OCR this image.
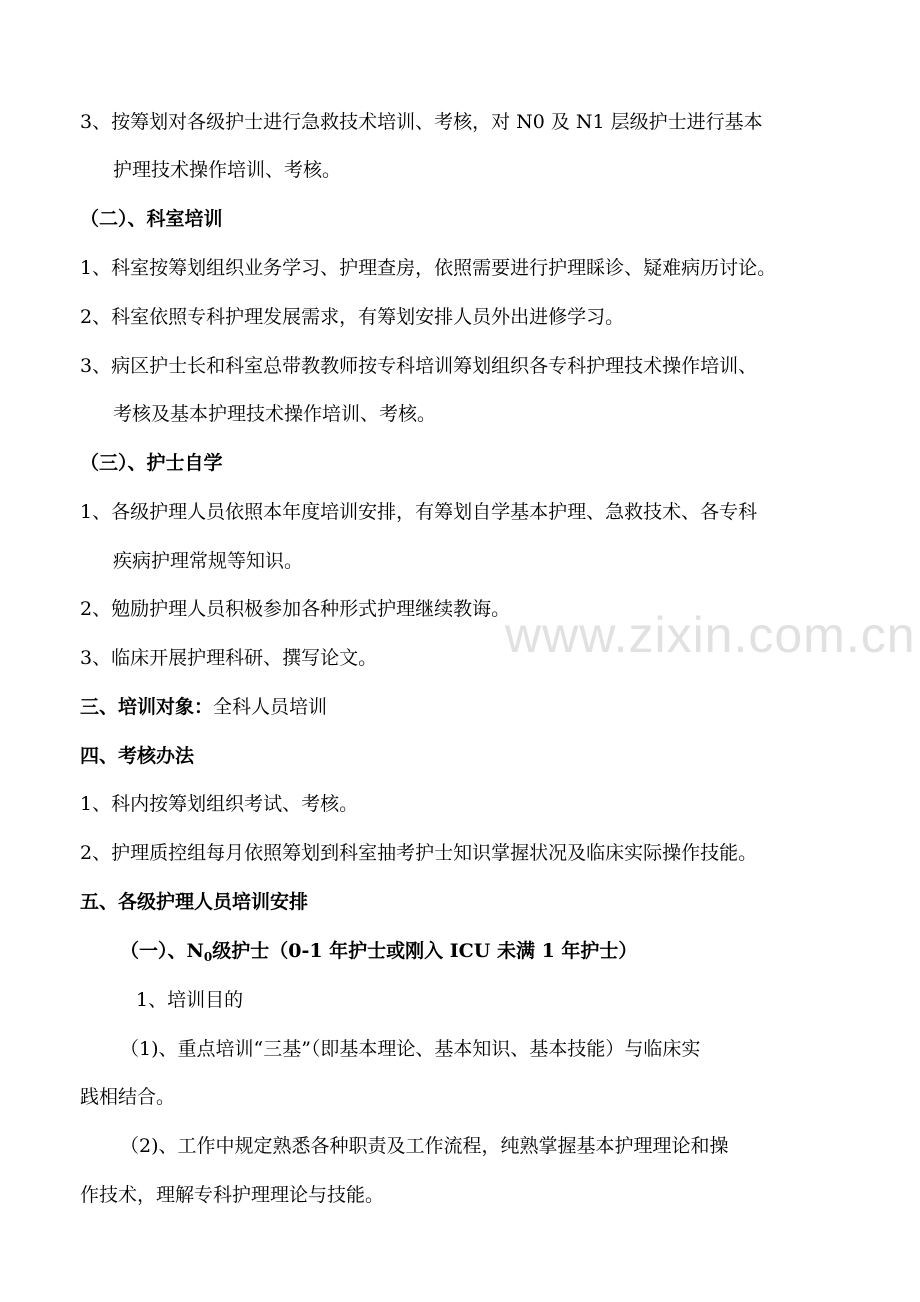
www.zixin.com.cn
3、按筹划对各级护士进行急救技术培训、考核，对 N0 及 N1 层级护士进行基本
护理技术操作培训、考核。
（二）、科室培训
1、科室按筹划组织业务学习、护理查房，依照需要进行护理睬诊、疑难病历讨论。
2、科室依照专科护理发展需求，有筹划安排人员外出进修学习。
3、病区护士长和科室总带教教师按专科培训筹划组织各专科护理技术操作培训、
考核及基本护理技术操作培训、考核。
（三）、护士自学
1、各级护理人员依照本年度培训安排，有筹划自学基本护理、急救技术、各专科
疾病护理常规等知识。
2、勉励护理人员积极参加各种形式护理继续教诲。
3、临床开展护理科研、撰写论文。
三、培训对象：全科人员培训
四、考核办法
1、科内按筹划组织考试、考核。
2、护理质控组每月依照筹划到科室抽考护士知识掌握状况及临床实际操作技能。
五、各级护理人员培训安排
（一）、$N_0$级护士（0-1 年护士或刚入 ICU 未满 1 年护士）
1、培训目的
（1)、重点培训“三基”（即基本理论、基本知识、基本技能）与临床实
践相结合。
（2)、工作中规定熟悉各种职责及工作流程，纯熟掌握基本护理理论和操
作技术，理解专科护理理论与技能。
